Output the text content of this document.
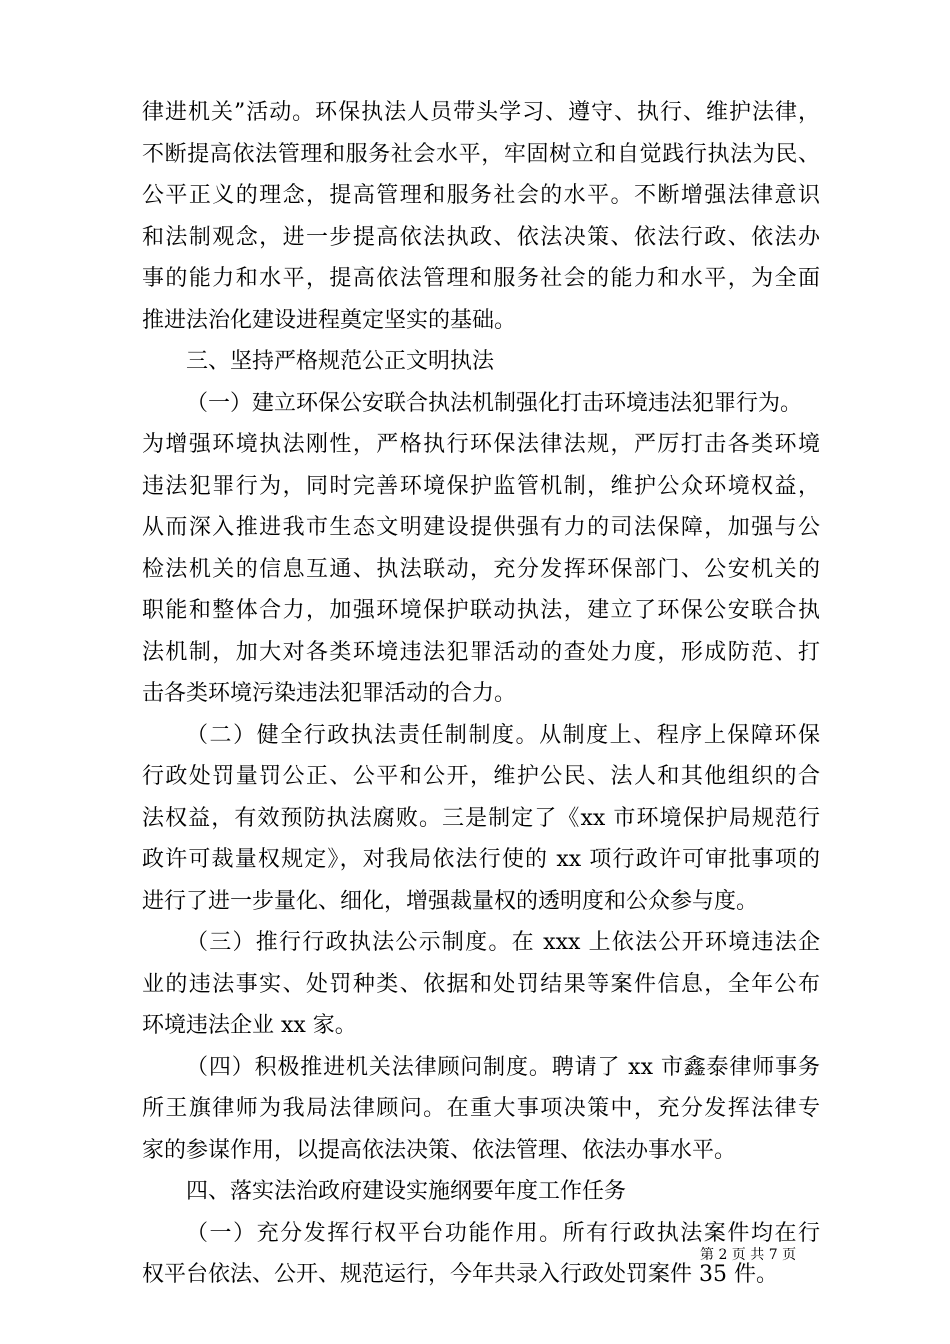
律进机关”活动。环保执法人员带头学习、遵守、执行、维护法律，
不断提高依法管理和服务社会水平，牢固树立和自觉践行执法为民、
公平正义的理念，提高管理和服务社会的水平。不断增强法律意识
和法制观念，进一步提高依法执政、依法决策、依法行政、依法办
事的能力和水平，提高依法管理和服务社会的能力和水平，为全面
推进法治化建设进程奠定坚实的基础。
三、坚持严格规范公正文明执法
（一）建立环保公安联合执法机制强化打击环境违法犯罪行为。
为增强环境执法刚性，严格执行环保法律法规，严厉打击各类环境
违法犯罪行为，同时完善环境保护监管机制，维护公众环境权益，
从而深入推进我市生态文明建设提供强有力的司法保障，加强与公
检法机关的信息互通、执法联动，充分发挥环保部门、公安机关的
职能和整体合力，加强环境保护联动执法，建立了环保公安联合执
法机制，加大对各类环境违法犯罪活动的查处力度，形成防范、打
击各类环境污染违法犯罪活动的合力。
（二）健全行政执法责任制制度。从制度上、程序上保障环保
行政处罚量罚公正、公平和公开，维护公民、法人和其他组织的合
法权益，有效预防执法腐败。三是制定了《xx 市环境保护局规范行
政许可裁量权规定》，对我局依法行使的 xx 项行政许可审批事项的
进行了进一步量化、细化，增强裁量权的透明度和公众参与度。
（三）推行行政执法公示制度。在 xxx 上依法公开环境违法企
业的违法事实、处罚种类、依据和处罚结果等案件信息，全年公布
环境违法企业 xx 家。
（四）积极推进机关法律顾问制度。聘请了 xx 市鑫泰律师事务
所王旗律师为我局法律顾问。在重大事项决策中，充分发挥法律专
家的参谋作用，以提高依法决策、依法管理、依法办事水平。
四、落实法治政府建设实施纲要年度工作任务
（一）充分发挥行权平台功能作用。所有行政执法案件均在行
权平台依法、公开、规范运行，今年共录入行政处罚案件 35 件。
第 2 页 共 7 页
